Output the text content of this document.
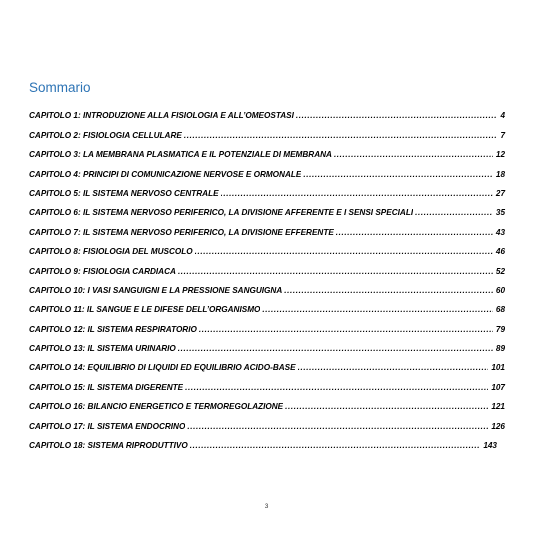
Sommario
CAPITOLO 1: INTRODUZIONE ALLA FISIOLOGIA E ALL’OMEOSTASI .....	4
CAPITOLO 2: FISIOLOGIA CELLULARE .....	7
CAPITOLO 3: LA MEMBRANA PLASMATICA E IL POTENZIALE DI MEMBRANA .....	12
CAPITOLO 4: PRINCIPI DI COMUNICAZIONE NERVOSE E ORMONALE .....	18
CAPITOLO 5: IL SISTEMA NERVOSO CENTRALE .....	27
CAPITOLO 6: IL SISTEMA NERVOSO PERIFERICO, LA DIVISIONE AFFERENTE E I SENSI SPECIALI .....	35
CAPITOLO 7: IL SISTEMA NERVOSO PERIFERICO, LA DIVISIONE EFFERENTE .....	43
CAPITOLO 8: FISIOLOGIA DEL MUSCOLO .....	46
CAPITOLO 9: FISIOLOGIA CARDIACA .....	52
CAPITOLO 10: I VASI SANGUIGNI E LA PRESSIONE SANGUIGNA .....	60
CAPITOLO 11: IL SANGUE E LE DIFESE DELL’ORGANISMO .....	68
CAPITOLO 12: IL SISTEMA RESPIRATORIO .....	79
CAPITOLO 13: IL SISTEMA URINARIO .....	89
CAPITOLO 14: EQUILIBRIO DI LIQUIDI ED EQUILIBRIO ACIDO-BASE .....	101
CAPITOLO 15: IL SISTEMA DIGERENTE .....	107
CAPITOLO 16: BILANCIO ENERGETICO E TERMOREGOLAZIONE .....	121
CAPITOLO 17: IL SISTEMA ENDOCRINO .....	126
CAPITOLO 18: SISTEMA RIPRODUTTIVO .....	143
3
